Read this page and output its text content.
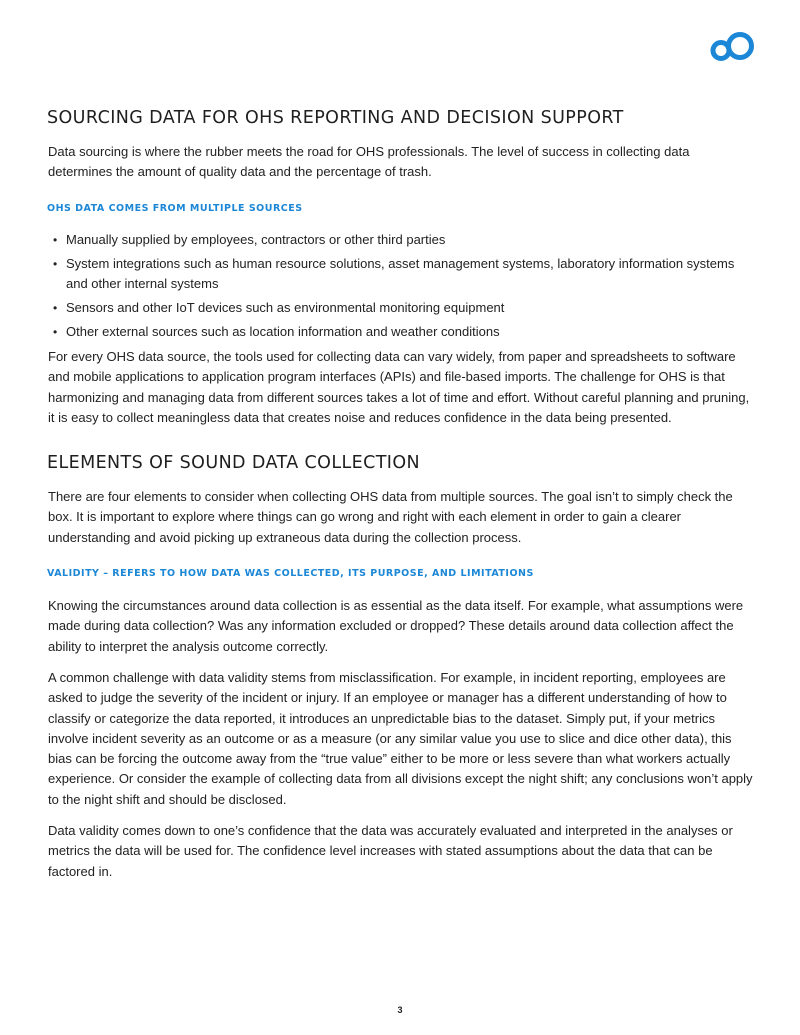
SOURCING DATA FOR OHS REPORTING AND DECISION SUPPORT

Data sourcing is where the rubber meets the road for OHS professionals. The level of success in collecting data determines the amount of quality data and the percentage of trash.

OHS DATA COMES FROM MULTIPLE SOURCES
• Manually supplied by employees, contractors or other third parties
• System integrations such as human resource solutions, asset management systems, laboratory information systems and other internal systems
• Sensors and other IoT devices such as environmental monitoring equipment
• Other external sources such as location information and weather conditions

For every OHS data source, the tools used for collecting data can vary widely, from paper and spreadsheets to software and mobile applications to application program interfaces (APIs) and file-based imports. The challenge for OHS is that harmonizing and managing data from different sources takes a lot of time and effort. Without careful planning and pruning, it is easy to collect meaningless data that creates noise and reduces confidence in the data being presented.

ELEMENTS OF SOUND DATA COLLECTION

There are four elements to consider when collecting OHS data from multiple sources. The goal isn’t to simply check the box. It is important to explore where things can go wrong and right with each element in order to gain a clearer understanding and avoid picking up extraneous data during the collection process.

VALIDITY – REFERS TO HOW DATA WAS COLLECTED, ITS PURPOSE, AND LIMITATIONS

Knowing the circumstances around data collection is as essential as the data itself. For example, what assumptions were made during data collection? Was any information excluded or dropped? These details around data collection affect the ability to interpret the analysis outcome correctly.

A common challenge with data validity stems from misclassification. For example, in incident reporting, employees are asked to judge the severity of the incident or injury. If an employee or manager has a different understanding of how to classify or categorize the data reported, it introduces an unpredictable bias to the dataset. Simply put, if your metrics involve incident severity as an outcome or as a measure (or any similar value you use to slice and dice other data), this bias can be forcing the outcome away from the “true value” either to be more or less severe than what workers actually experience. Or consider the example of collecting data from all divisions except the night shift; any conclusions won’t apply to the night shift and should be disclosed.

Data validity comes down to one’s confidence that the data was accurately evaluated and interpreted in the analyses or metrics the data will be used for. The confidence level increases with stated assumptions about the data that can be factored in.

3
